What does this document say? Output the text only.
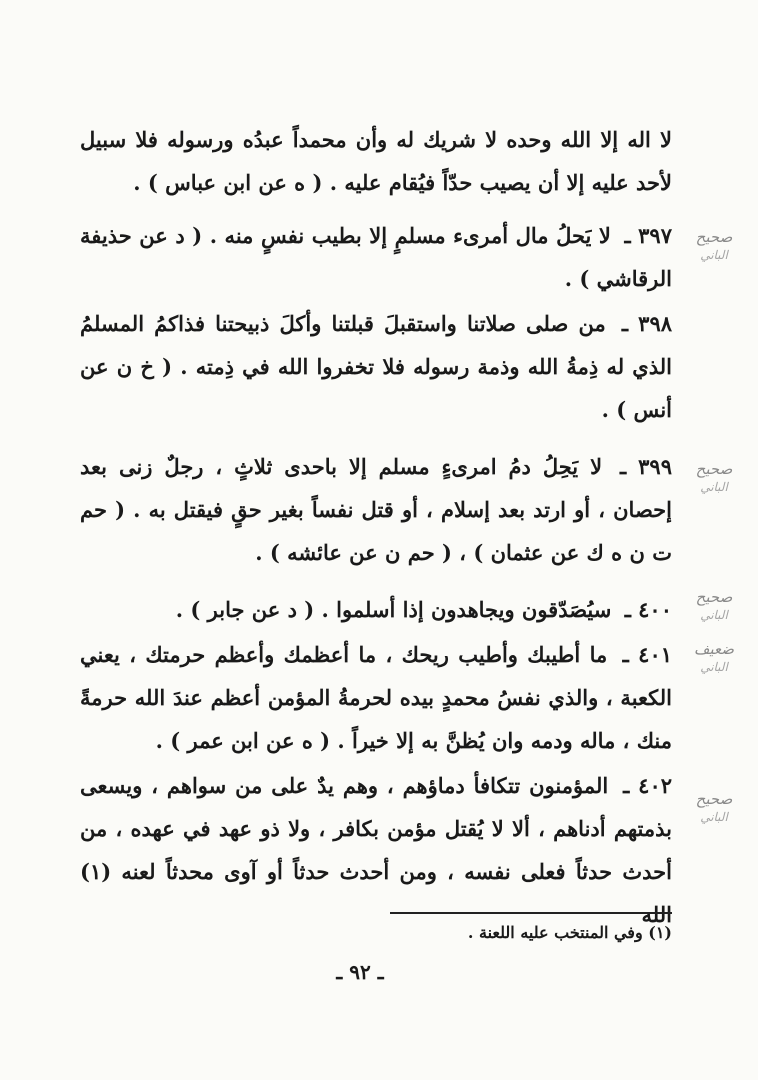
لا اله إلا الله وحده لا شريك له وأن محمداً عبدُه ورسوله فلا سبيل لأحد عليه إلا أن يصيب حدّاً فيُقام عليه . ( ه عن ابن عباس ) .

٣٩٧ ـ لا يَحلُ مال أمرىء مسلمٍ إلا بطيب نفسٍ منه . ( د عن حذيفة الرقاشي ) .

٣٩٨ ـ من صلى صلاتنا واستقبلَ قبلتنا وأكلَ ذبيحتنا فذاكمُ المسلمُ الذي له ذِمةُ الله وذمة رسوله فلا تخفروا الله في ذِمته . ( خ ن عن أنس ) .

٣٩٩ ـ لا يَحِلُ دمُ امرىءٍ مسلم إلا باحدى ثلاثٍ ، رجلٌ زنى بعد إحصان ، أو ارتد بعد إسلام ، أو قتل نفساً بغير حقٍ فيقتل به . ( حم ت ن ه ك عن عثمان ) ، ( حم ن عن عائشه ) .

٤٠٠ ـ سيُصَدّقون ويجاهدون إذا أسلموا . ( د عن جابر ) .

٤٠١ ـ ما أطيبك وأطيب ريحك ، ما أعظمك وأعظم حرمتك ، يعني الكعبة ، والذي نفسُ محمدٍ بيده لحرمةُ المؤمن أعظم عندَ الله حرمةً منك ، ماله ودمه وان يُظنَّ به إلا خيراً . ( ه عن ابن عمر ) .

٤٠٢ ـ المؤمنون تتكافأ دماؤهم ، وهم يدٌ على من سواهم ، ويسعى بذمتهم أدناهم ، ألا لا يُقتل مؤمن بكافر ، ولا ذو عهد في عهده ، من أحدث حدثاً فعلى نفسه ، ومن أحدث حدثاً أو آوى محدثاً لعنه (١) الله

صحيح
الباني
صحيح
الباني
صحيح
الباني
ضعيف
الباني
صحيح
الباني
(١) وفي المنتخب عليه اللعنة .
ـ ٩٢ ـ
